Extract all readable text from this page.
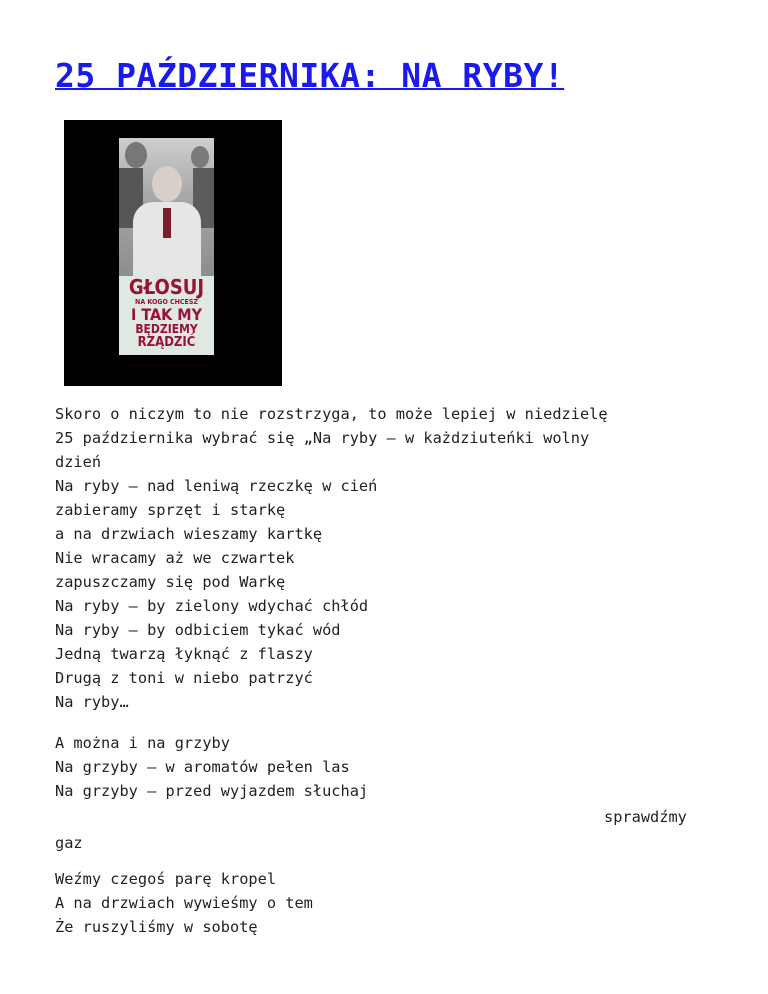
25 PAŹDZIERNIKA: NA RYBY!
GŁOSUJ
NA KOGO CHCESZ
I TAK MY
BĘDZIEMY
RZĄDZIĆ
Skoro o niczym to nie rozstrzyga, to może lepiej w niedzielę
25 października wybrać się „Na ryby – w każdziuteńki wolny
dzień
Na ryby – nad leniwą rzeczkę w cień
zabieramy sprzęt i starkę
a na drzwiach wieszamy kartkę
Nie wracamy aż we czwartek
zapuszczamy się pod Warkę
Na ryby – by zielony wdychać chłód
Na ryby – by odbiciem tykać wód
Jedną twarzą łyknąć z flaszy
Drugą z toni w niebo patrzyć
Na ryby…
A można i na grzyby
Na grzyby – w aromatów pełen las
Na grzyby – przed wyjazdem słuchaj
sprawdźmy
gaz
Weźmy czegoś parę kropel
A na drzwiach wywieśmy o tem
Że ruszyliśmy w sobotę
